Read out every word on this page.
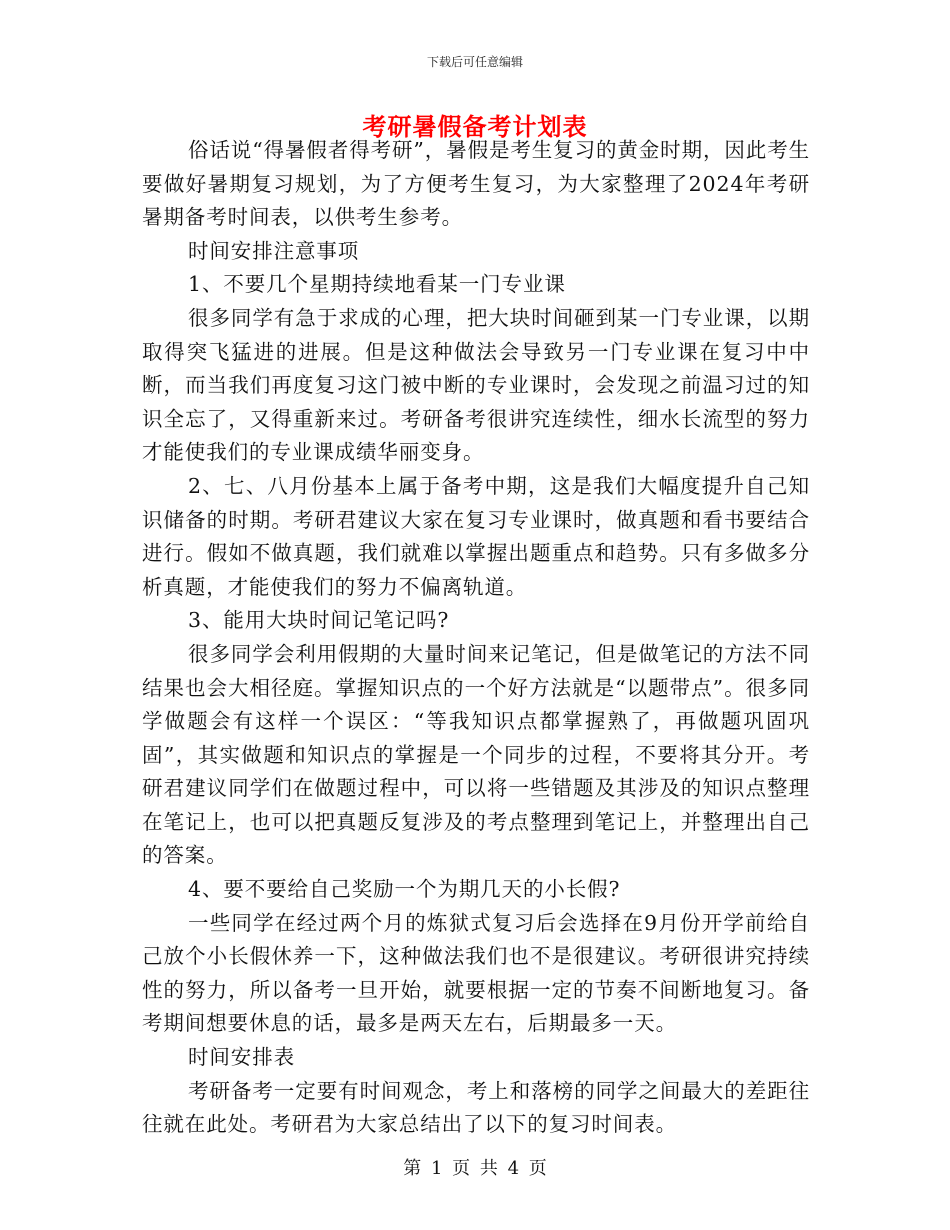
下载后可任意编辑
考研暑假备考计划表

俗话说“得暑假者得考研”，暑假是考生复习的黄金时期，因此考生要做好暑期复习规划，为了方便考生复习，为大家整理了2024年考研暑期备考时间表，以供考生参考。

时间安排注意事项

1、不要几个星期持续地看某一门专业课

很多同学有急于求成的心理，把大块时间砸到某一门专业课，以期取得突飞猛进的进展。但是这种做法会导致另一门专业课在复习中中断，而当我们再度复习这门被中断的专业课时，会发现之前温习过的知识全忘了，又得重新来过。考研备考很讲究连续性，细水长流型的努力才能使我们的专业课成绩华丽变身。

2、七、八月份基本上属于备考中期，这是我们大幅度提升自己知识储备的时期。考研君建议大家在复习专业课时，做真题和看书要结合进行。假如不做真题，我们就难以掌握出题重点和趋势。只有多做多分析真题，才能使我们的努力不偏离轨道。

3、能用大块时间记笔记吗?

很多同学会利用假期的大量时间来记笔记，但是做笔记的方法不同结果也会大相径庭。掌握知识点的一个好方法就是“以题带点”。很多同学做题会有这样一个误区：“等我知识点都掌握熟了，再做题巩固巩固”，其实做题和知识点的掌握是一个同步的过程，不要将其分开。考研君建议同学们在做题过程中，可以将一些错题及其涉及的知识点整理在笔记上，也可以把真题反复涉及的考点整理到笔记上，并整理出自己的答案。

4、要不要给自己奖励一个为期几天的小长假?

一些同学在经过两个月的炼狱式复习后会选择在9月份开学前给自己放个小长假休养一下，这种做法我们也不是很建议。考研很讲究持续性的努力，所以备考一旦开始，就要根据一定的节奏不间断地复习。备考期间想要休息的话，最多是两天左右，后期最多一天。

时间安排表

考研备考一定要有时间观念，考上和落榜的同学之间最大的差距往往就在此处。考研君为大家总结出了以下的复习时间表。

第 1 页 共 4 页
